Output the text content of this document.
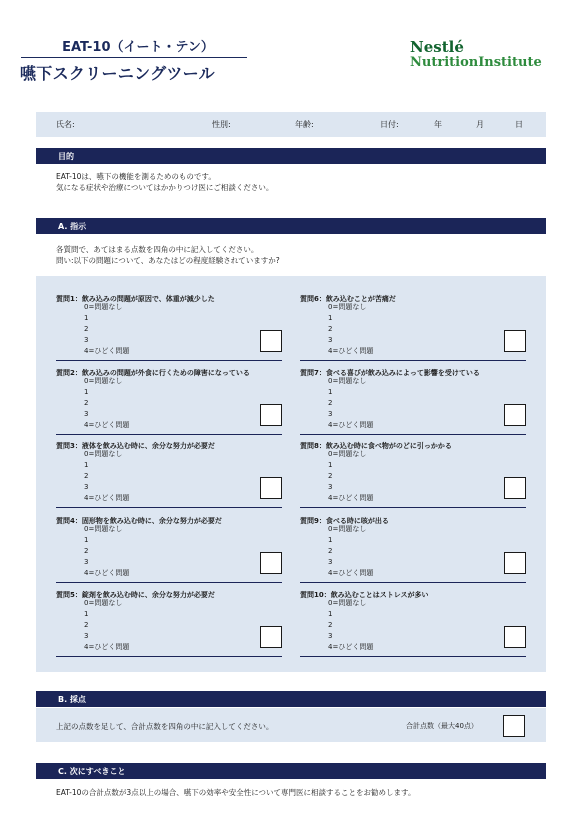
EAT-10（イート・テン）
嚥下スクリーニングツール
Nestlé
NutritionInstitute
氏名:	性別:	年齢:	日付:	年	月	日
目的
EAT-10は、嚥下の機能を測るためのものです。
気になる症状や治療についてはかかりつけ医にご相談ください。
A. 指示
各質問で、あてはまる点数を四角の中に記入してください。
問い:以下の問題について、あなたはどの程度経験されていますか?
質問1：飲み込みの問題が原因で、体重が減少した
0=問題なし
1
2
3
4=ひどく問題
質問2：飲み込みの問題が外食に行くための障害になっている
0=問題なし
1
2
3
4=ひどく問題
質問3：液体を飲み込む時に、余分な努力が必要だ
0=問題なし
1
2
3
4=ひどく問題
質問4：固形物を飲み込む時に、余分な努力が必要だ
0=問題なし
1
2
3
4=ひどく問題
質問5：錠剤を飲み込む時に、余分な努力が必要だ
0=問題なし
1
2
3
4=ひどく問題
質問6：飲み込むことが苦痛だ
0=問題なし
1
2
3
4=ひどく問題
質問7：食べる喜びが飲み込みによって影響を受けている
0=問題なし
1
2
3
4=ひどく問題
質問8：飲み込む時に食べ物がのどに引っかかる
0=問題なし
1
2
3
4=ひどく問題
質問9：食べる時に咳が出る
0=問題なし
1
2
3
4=ひどく問題
質問10：飲み込むことはストレスが多い
0=問題なし
1
2
3
4=ひどく問題
B. 採点
上記の点数を足して、合計点数を四角の中に記入してください。	合計点数（最大40点）
C. 次にすべきこと
EAT-10の合計点数が3点以上の場合、嚥下の効率や安全性について専門医に相談することをお勧めします。
